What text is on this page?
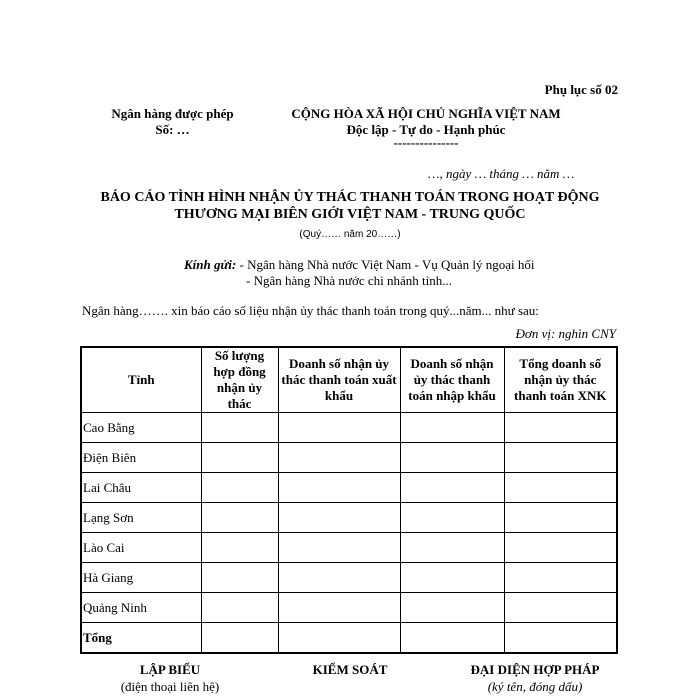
Phụ lục số 02
Ngân hàng được phép
Số: …
CỘNG HÒA XÃ HỘI CHỦ NGHĨA VIỆT NAM
Độc lập - Tự do - Hạnh phúc
---------------
…, ngày … tháng … năm …
BÁO CÁO TÌNH HÌNH NHẬN ỦY THÁC THANH TOÁN TRONG HOẠT ĐỘNG
THƯƠNG MẠI BIÊN GIỚI VIỆT NAM - TRUNG QUỐC
(Quý…… năm 20……)
Kính gửi: - Ngân hàng Nhà nước Việt Nam - Vụ Quản lý ngoại hối
- Ngân hàng Nhà nước chi nhánh tỉnh...
Ngân hàng……. xin báo cáo số liệu nhận ủy thác thanh toán trong quý...năm... như sau:
Đơn vị: nghìn CNY
Tỉnh	Số lượng hợp đồng nhận ủy thác	Doanh số nhận ủy thác thanh toán xuất khẩu	Doanh số nhận ủy thác thanh toán nhập khẩu	Tổng doanh số nhận ủy thác thanh toán XNK
Cao Bằng				
Điện Biên				
Lai Châu				
Lạng Sơn				
Lào Cai				
Hà Giang				
Quảng Ninh				
Tổng				
LẬP BIỂU
(điện thoại liên hệ)
KIỂM SOÁT	ĐẠI DIỆN HỢP PHÁP
(ký tên, đóng dấu)
